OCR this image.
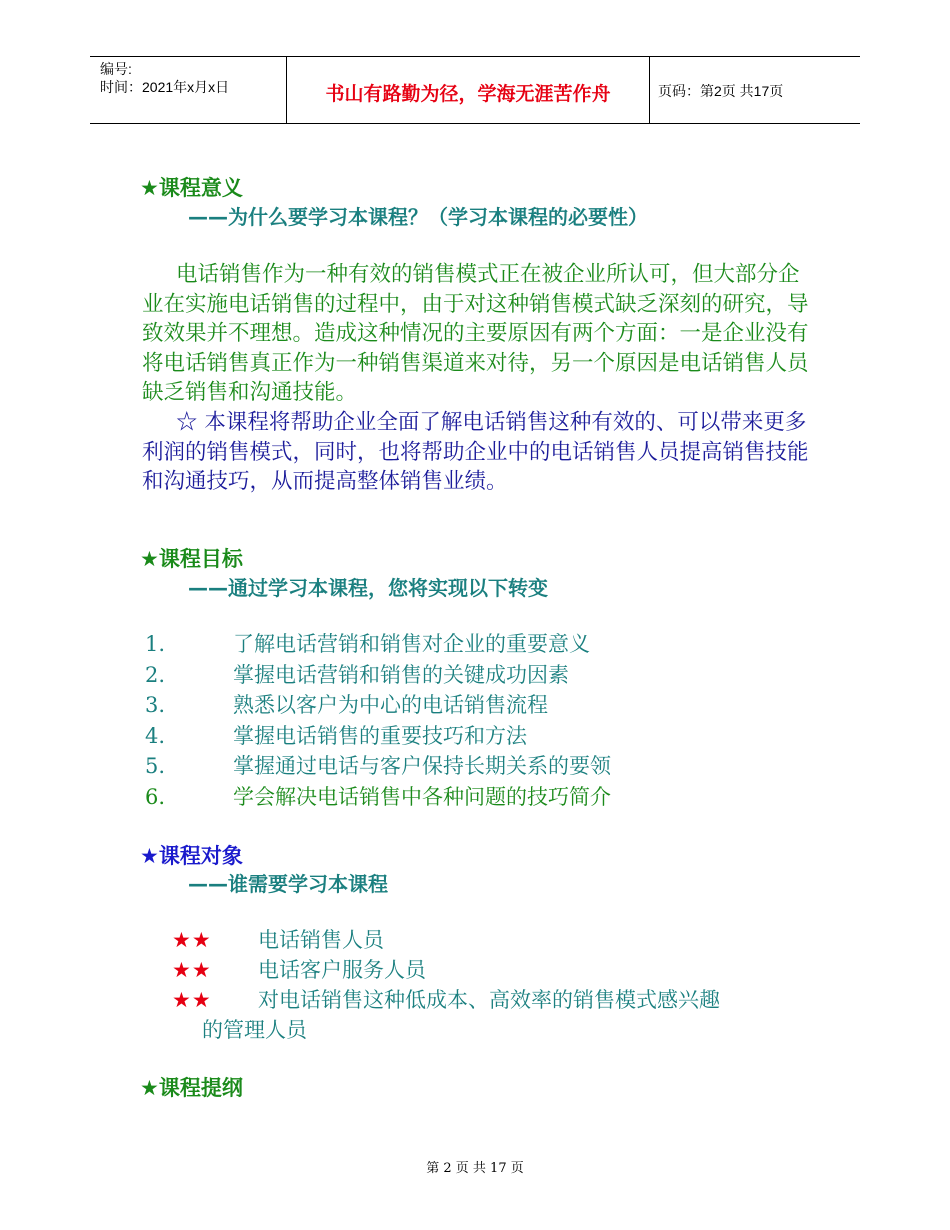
编号:
时间：2021年x月x日	书山有路勤为径，学海无涯苦作舟	页码：第2页 共17页
★课程意义
——为什么要学习本课程？（学习本课程的必要性）

电话销售作为一种有效的销售模式正在被企业所认可，但大部分企业在实施电话销售的过程中，由于对这种销售模式缺乏深刻的研究，导致效果并不理想。造成这种情况的主要原因有两个方面：一是企业没有将电话销售真正作为一种销售渠道来对待，另一个原因是电话销售人员缺乏销售和沟通技能。

☆ 本课程将帮助企业全面了解电话销售这种有效的、可以带来更多利润的销售模式，同时，也将帮助企业中的电话销售人员提高销售技能和沟通技巧，从而提高整体销售业绩。

★课程目标
——通过学习本课程，您将实现以下转变
1.	了解电话营销和销售对企业的重要意义
2.	掌握电话营销和销售的关键成功因素
3.	熟悉以客户为中心的电话销售流程
4.	掌握电话销售的重要技巧和方法
5.	掌握通过电话与客户保持长期关系的要领
6.	学会解决电话销售中各种问题的技巧简介
★课程对象
——谁需要学习本课程
★★ 电话销售人员
★★ 电话客户服务人员
★★ 对电话销售这种低成本、高效率的销售模式感兴趣
的管理人员
★课程提纲
第 2 页 共 17 页
